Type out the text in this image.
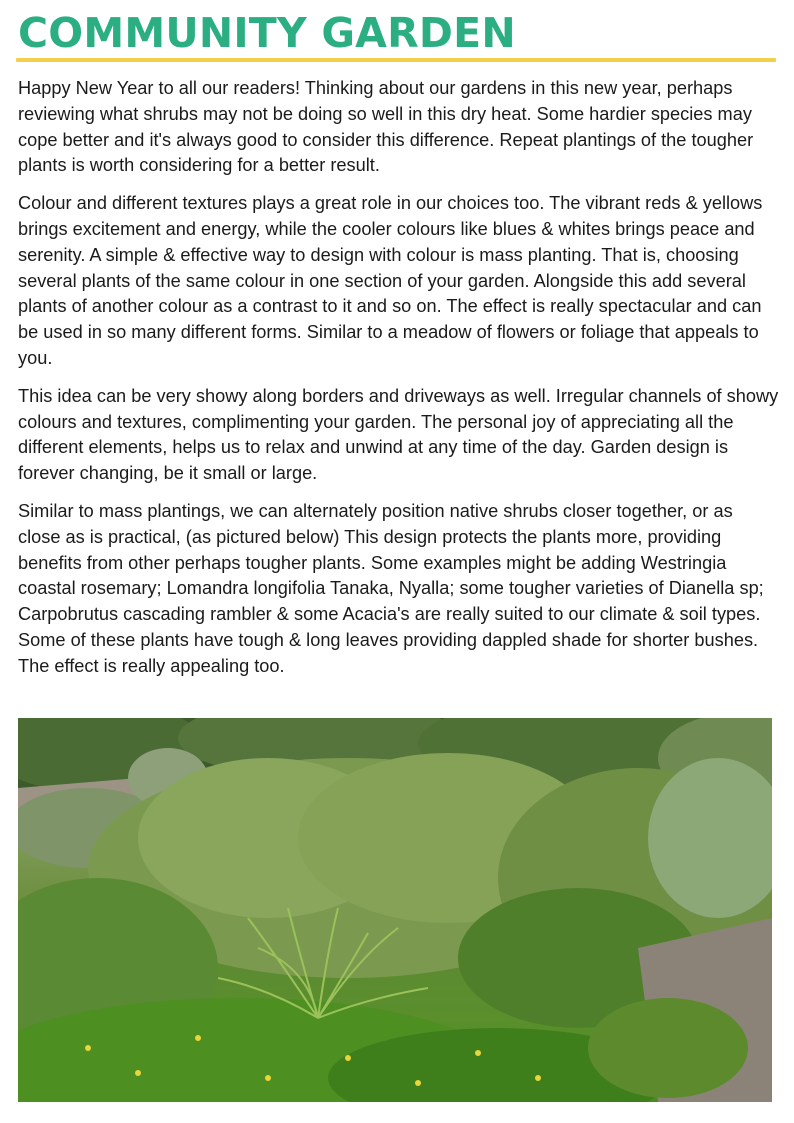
COMMUNITY GARDEN

Happy New Year to all our readers! Thinking about our gardens in this new year, perhaps reviewing what shrubs may not be doing so well in this dry heat. Some hardier species may cope better and it's always good to consider this difference. Repeat plantings of the tougher plants is worth considering for a better result.

Colour and different textures plays a great role in our choices too. The vibrant reds & yellows brings excitement and energy, while the cooler colours like blues & whites brings peace and serenity. A simple & effective way to design with colour is mass planting. That is, choosing several plants of the same colour in one section of your garden. Alongside this add several plants of another colour as a contrast to it and so on. The effect is really spectacular and can be used in so many different forms. Similar to a meadow of flowers or foliage that appeals to you.

This idea can be very showy along borders and driveways as well. Irregular channels of showy colours and textures, complimenting your garden. The personal joy of appreciating all the different elements, helps us to relax and unwind at any time of the day. Garden design is forever changing, be it small or large.

Similar to mass plantings, we can alternately position native shrubs closer together, or as close as is practical, (as pictured below) This design protects the plants more, providing benefits from other perhaps tougher plants. Some examples might be adding Westringia coastal rosemary; Lomandra longifolia Tanaka, Nyalla; some tougher varieties of Dianella sp; Carpobrutus cascading rambler & some Acacia's are really suited to our climate & soil types. Some of these plants have tough & long leaves providing dappled shade for shorter bushes. The effect is really appealing too.
